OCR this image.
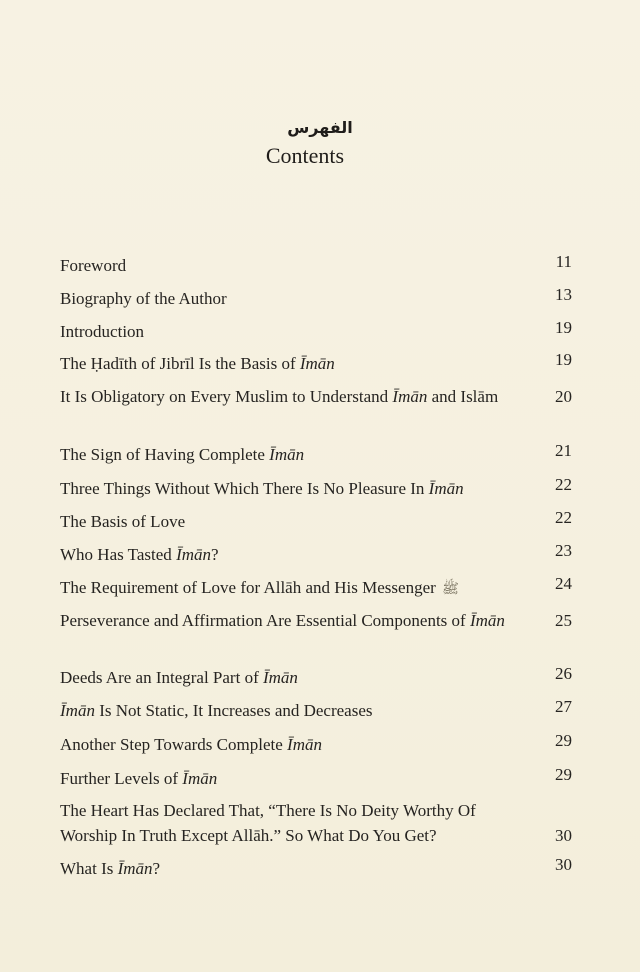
الفهرس
Contents
Foreword	11
Biography of the Author	13
Introduction	19
The Ḥadīth of Jibrīl Is the Basis of Īmān	19
It Is Obligatory on Every Muslim to Understand Īmān and Islām	20
The Sign of Having Complete Īmān	21
Three Things Without Which There Is No Pleasure In Īmān	22
The Basis of Love	22
Who Has Tasted Īmān?	23
The Requirement of Love for Allāh and His Messenger ﷺ	24
Perseverance and Affirmation Are Essential Components of Īmān	25
Deeds Are an Integral Part of Īmān	26
Īmān Is Not Static, It Increases and Decreases	27
Another Step Towards Complete Īmān	29
Further Levels of Īmān	29
The Heart Has Declared That, “There Is No Deity Worthy Of Worship In Truth Except Allāh.” So What Do You Get?	30
What Is Īmān?	30
